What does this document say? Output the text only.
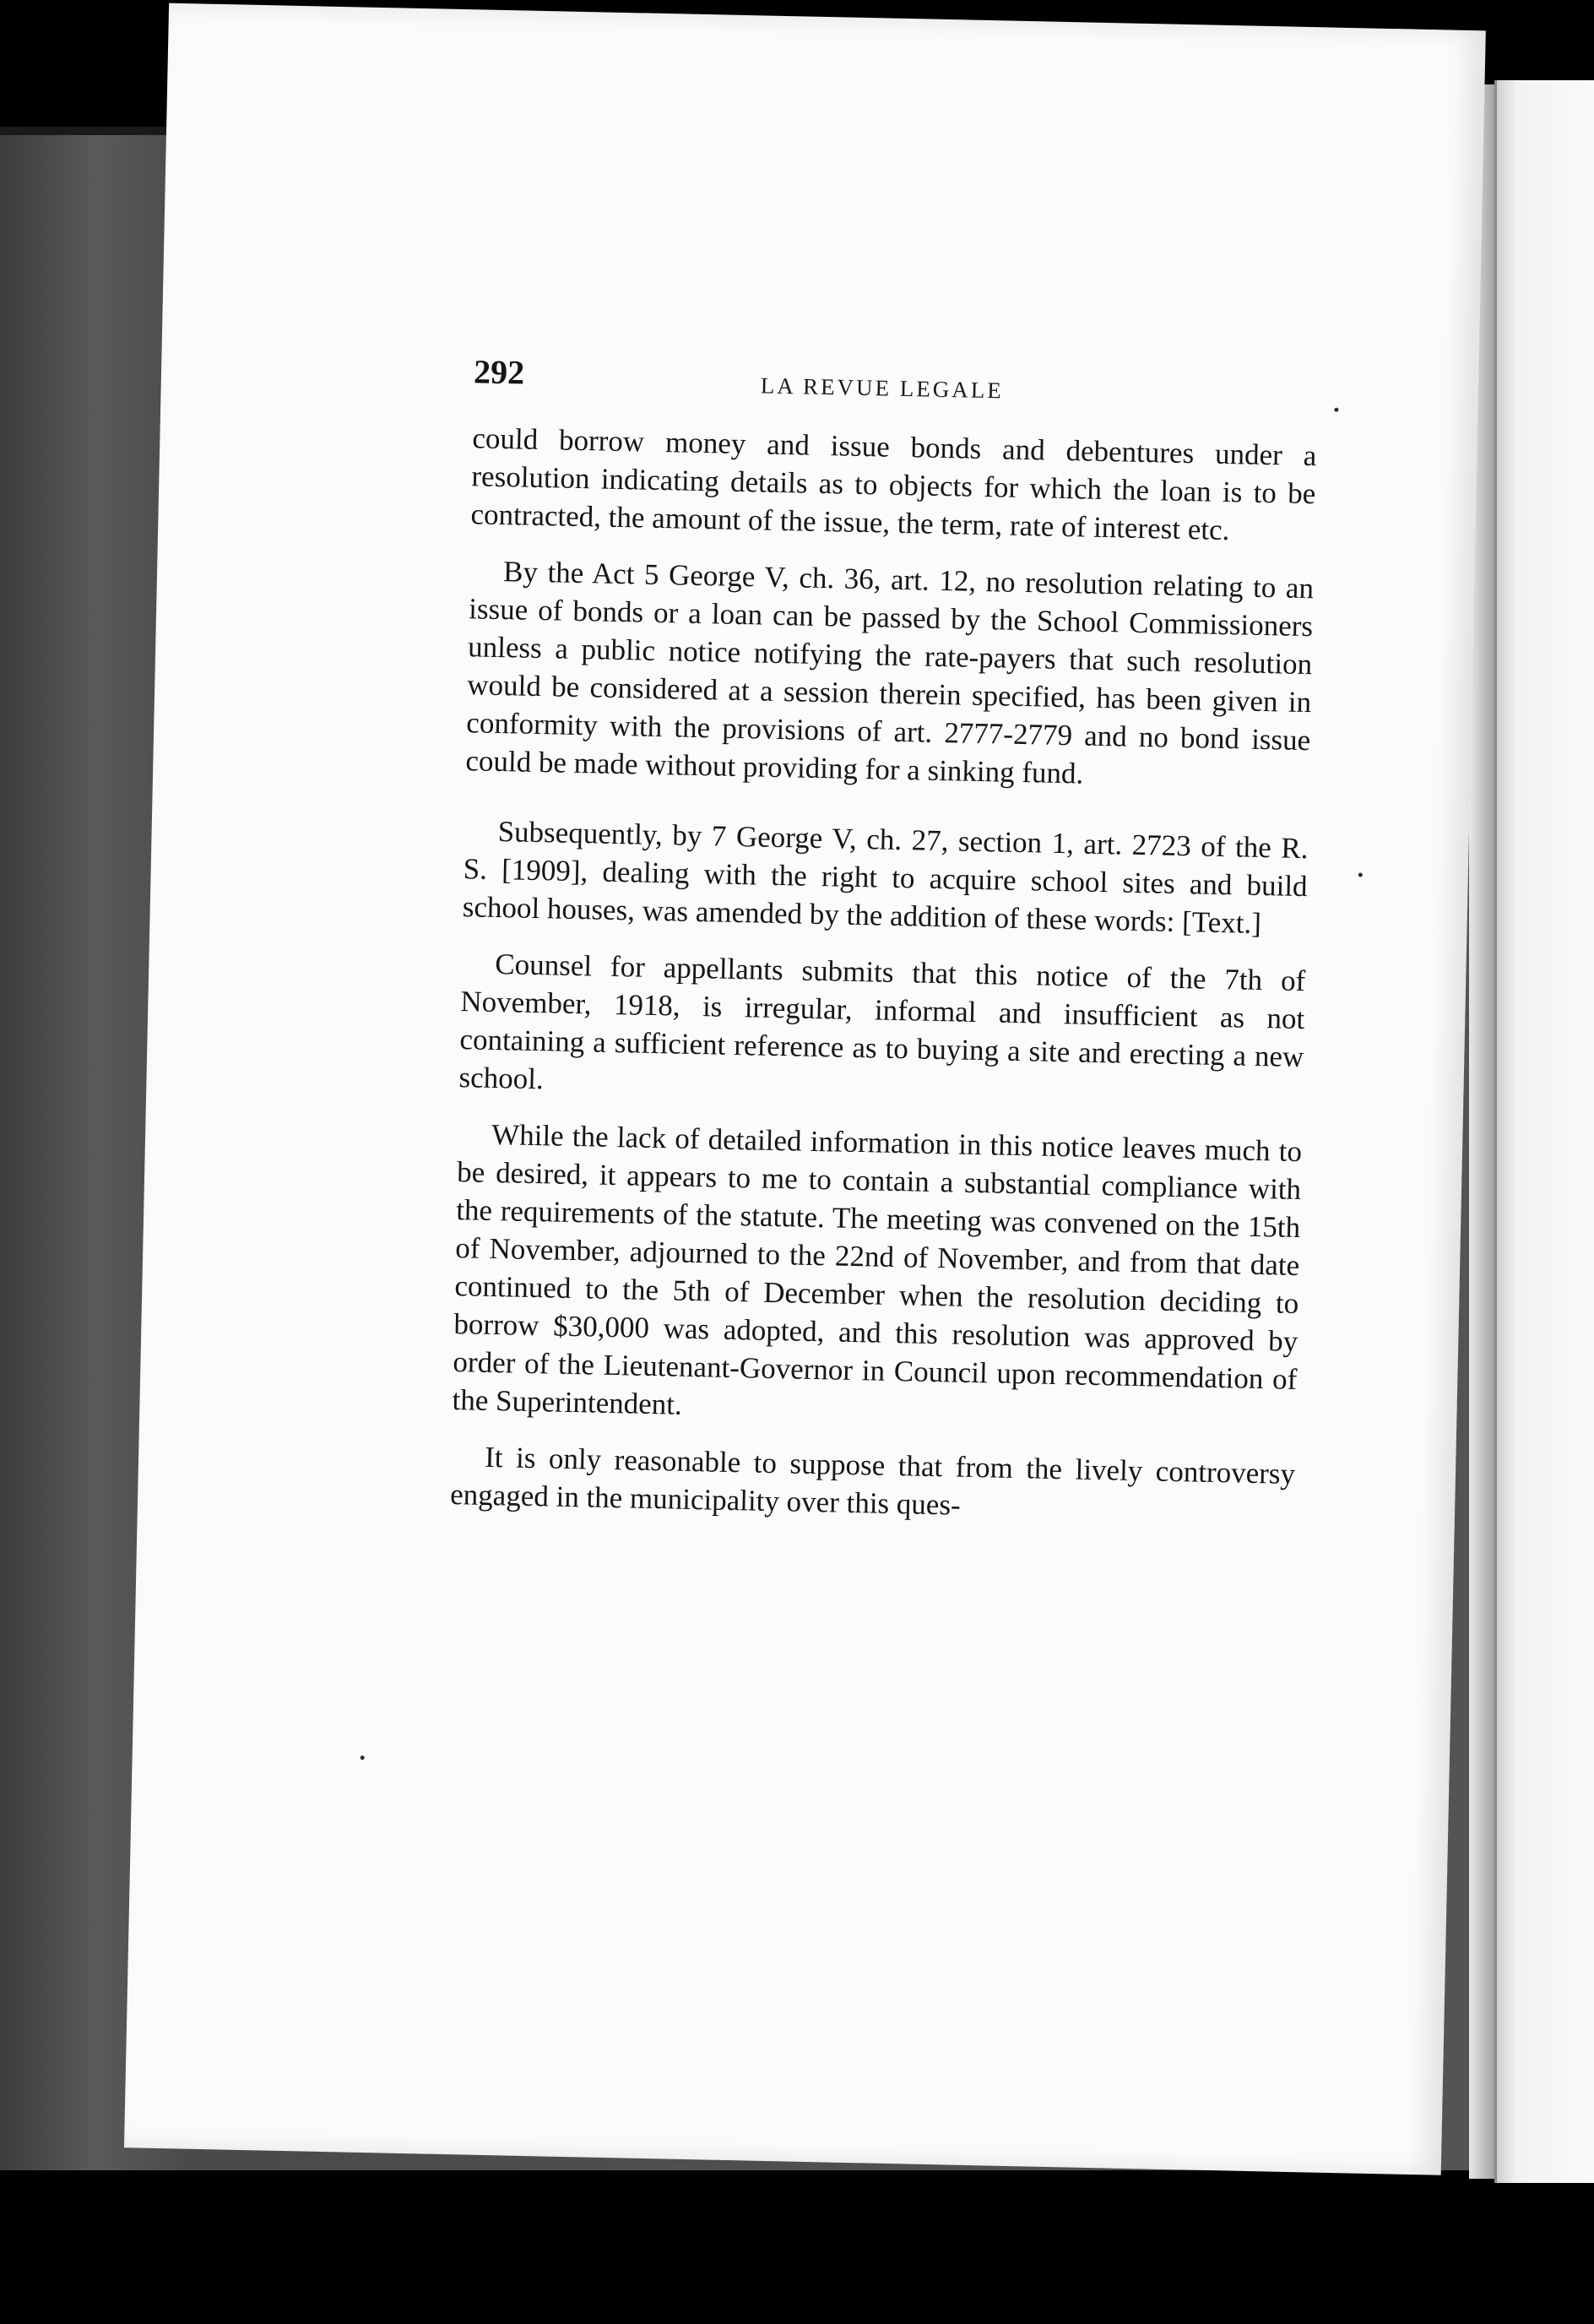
292	LA REVUE LEGALE

could borrow money and issue bonds and debentures under a resolution indicating details as to objects for which the loan is to be contracted, the amount of the issue, the term, rate of interest etc.

By the Act 5 George V, ch. 36, art. 12, no resolution relating to an issue of bonds or a loan can be passed by the School Commissioners unless a public notice notifying the rate-payers that such resolution would be considered at a session therein specified, has been given in conformity with the provisions of art. 2777-2779 and no bond issue could be made without providing for a sinking fund.

Subsequently, by 7 George V, ch. 27, section 1, art. 2723 of the R. S. [1909], dealing with the right to acquire school sites and build school houses, was amended by the addition of these words: [Text.]

Counsel for appellants submits that this notice of the 7th of November, 1918, is irregular, informal and insufficient as not containing a sufficient reference as to buying a site and erecting a new school.

While the lack of detailed information in this notice leaves much to be desired, it appears to me to contain a substantial compliance with the requirements of the statute. The meeting was convened on the 15th of November, adjourned to the 22nd of November, and from that date continued to the 5th of December when the resolution deciding to borrow $30,000 was adopted, and this resolution was approved by order of the Lieutenant-Governor in Council upon recommendation of the Superintendent.

It is only reasonable to suppose that from the lively controversy engaged in the municipality over this ques-
